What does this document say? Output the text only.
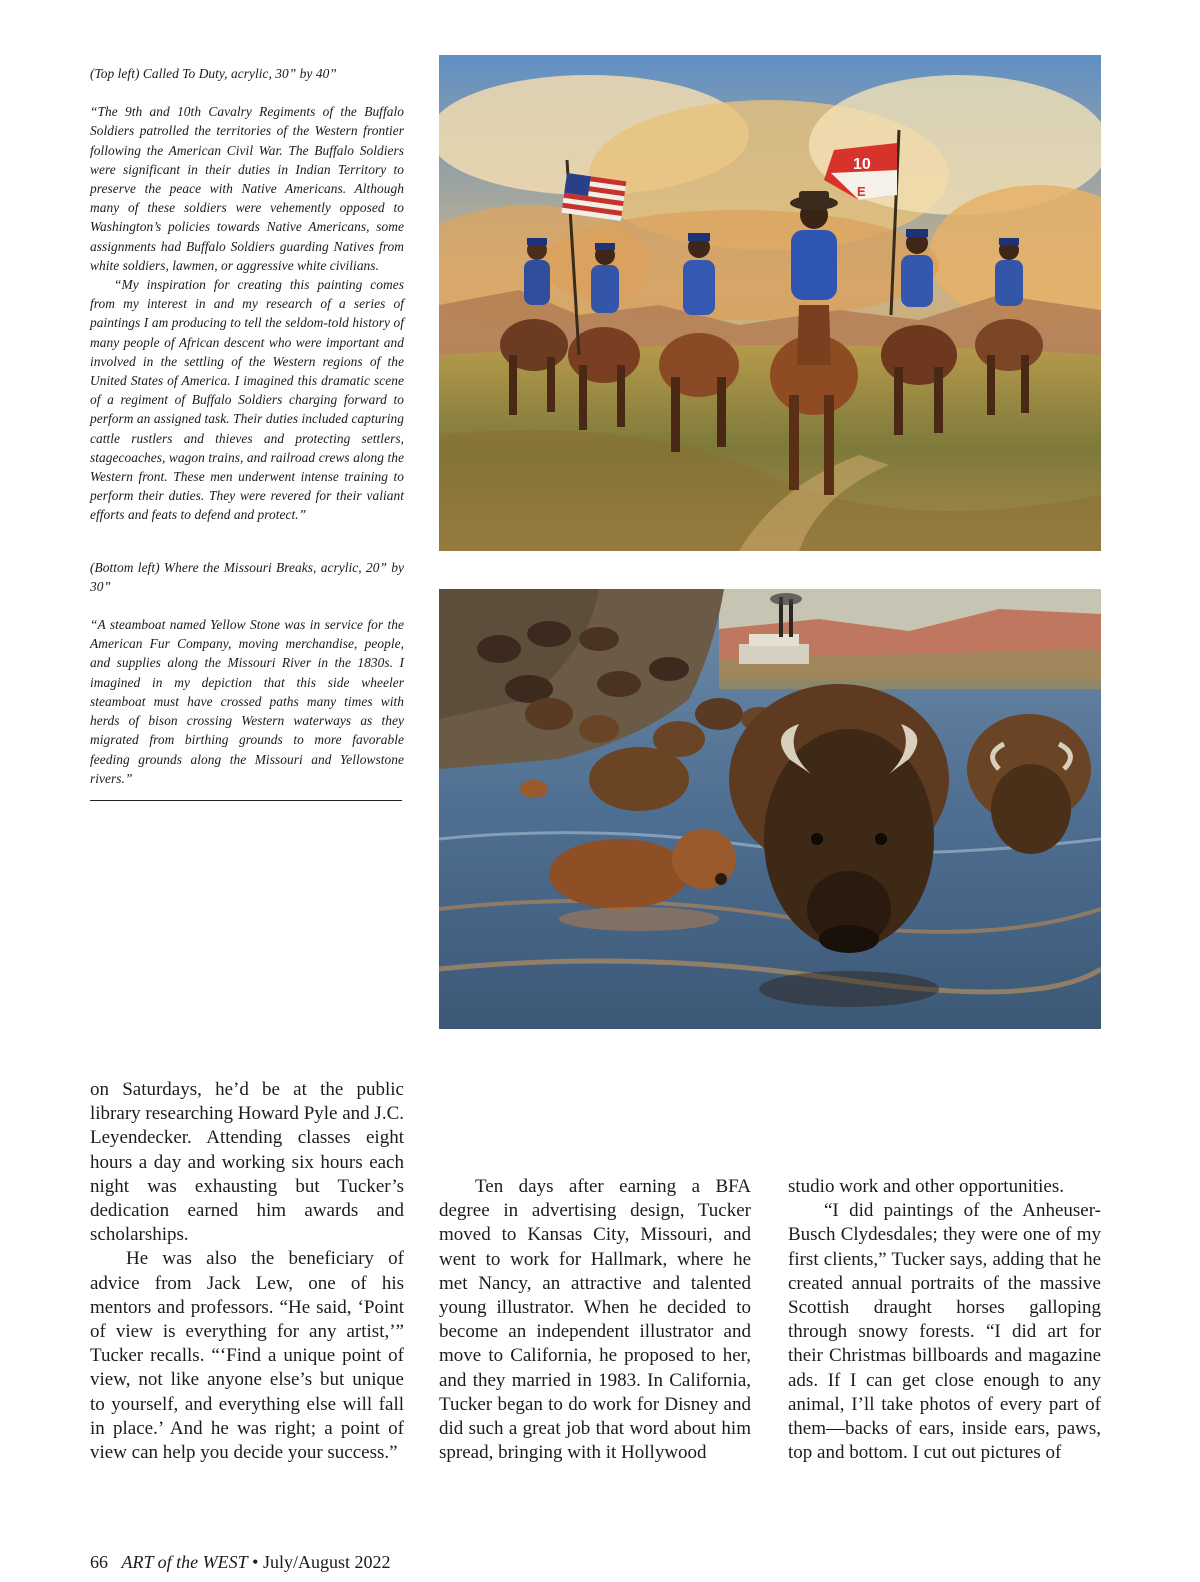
(Top left) Called To Duty, acrylic, 30” by 40”

“The 9th and 10th Cavalry Regiments of the Buffalo Soldiers patrolled the territories of the Western frontier following the American Civil War. The Buffalo Soldiers were significant in their duties in Indian Territory to preserve the peace with Native Americans. Although many of these soldiers were vehemently opposed to Washington’s policies towards Native Americans, some assignments had Buffalo Soldiers guarding Natives from white soldiers, lawmen, or aggressive white civilians.

“My inspiration for creating this painting comes from my interest in and my research of a series of paintings I am producing to tell the seldom-told history of many people of African descent who were important and involved in the settling of the Western regions of the United States of America. I imagined this dramatic scene of a regiment of Buffalo Soldiers charging forward to perform an assigned task. Their duties included capturing cattle rustlers and thieves and protecting settlers, stagecoaches, wagon trains, and railroad crews along the Western front. These men underwent intense training to perform their duties. They were revered for their valiant efforts and feats to defend and protect.”

(Bottom left) Where the Missouri Breaks, acrylic, 20” by 30”

“A steamboat named Yellow Stone was in service for the American Fur Company, moving merchandise, people, and supplies along the Missouri River in the 1830s. I imagined in my depiction that this side wheeler steamboat must have crossed paths many times with herds of bison crossing Western waterways as they migrated from birthing grounds to more favorable feeding grounds along the Missouri and Yellowstone rivers.”

10
E

on Saturdays, he’d be at the public library researching Howard Pyle and J.C. Leyendecker. Attending classes eight hours a day and working six hours each night was exhausting but Tucker’s dedication earned him awards and scholarships.

He was also the beneficiary of advice from Jack Lew, one of his mentors and professors. “He said, ‘Point of view is everything for any artist,’” Tucker recalls. “‘Find a unique point of view, not like anyone else’s but unique to yourself, and everything else will fall in place.’ And he was right; a point of view can help you decide your success.”

Ten days after earning a BFA degree in advertising design, Tucker moved to Kansas City, Missouri, and went to work for Hallmark, where he met Nancy, an attractive and talented young illustrator. When he decided to become an independent illustrator and move to California, he proposed to her, and they married in 1983. In California, Tucker began to do work for Disney and did such a great job that word about him spread, bringing with it Hollywood

studio work and other opportunities.

“I did paintings of the Anheuser-Busch Clydesdales; they were one of my first clients,” Tucker says, adding that he created annual portraits of the massive Scottish draught horses galloping through snowy forests. “I did art for their Christmas billboards and magazine ads. If I can get close enough to any animal, I’ll take photos of every part of them—backs of ears, inside ears, paws, top and bottom. I cut out pictures of

66 ART of the WEST • July/August 2022
